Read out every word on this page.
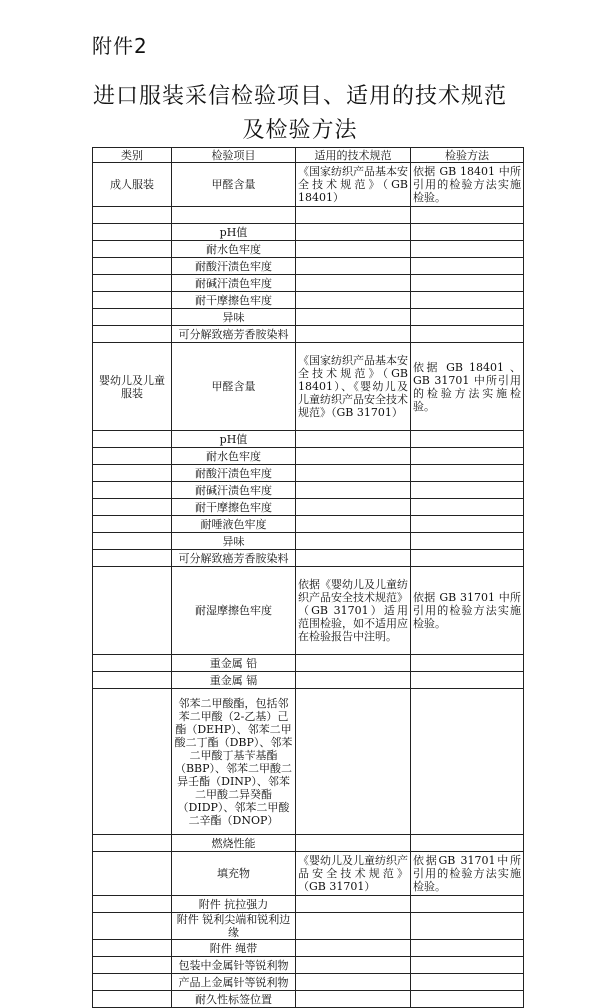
附件2
进口服装采信检验项目、适用的技术规范
及检验方法
类别	检验项目	适用的技术规范	检验方法
成人服装	甲醛含量	《国家纺织产品基本安全技术规范》（GB 18401）	依据 GB 18401 中所引用的检验方法实施检验。

	pH值		
	耐水色牢度		
	耐酸汗渍色牢度		
	耐碱汗渍色牢度		
	耐干摩擦色牢度		
	异味		
	可分解致癌芳香胺染料		
婴幼儿及儿童服装	甲醛含量	《国家纺织产品基本安全技术规范》（GB 18401）、《婴幼儿及儿童纺织产品安全技术规范》（GB 31701）	依据 GB 18401 、GB 31701 中所引用的检验方法实施检验。
	pH值		
	耐水色牢度		
	耐酸汗渍色牢度		
	耐碱汗渍色牢度		
	耐干摩擦色牢度		
	耐唾液色牢度		
	异味		
	可分解致癌芳香胺染料		
	耐湿摩擦色牢度	依据《婴幼儿及儿童纺织产品安全技术规范》（GB 31701）适用范围检验，如不适用应在检验报告中注明。	依据 GB 31701 中所引用的检验方法实施检验。
	重金属 铅		
	重金属 镉		
	邻苯二甲酸酯，包括邻苯二甲酸（2-乙基）己酯（DEHP）、邻苯二甲酸二丁酯（DBP）、邻苯二甲酸丁基苄基酯（BBP）、邻苯二甲酸二异壬酯（DINP）、邻苯二甲酸二异癸酯（DIDP）、邻苯二甲酸二辛酯（DNOP）		
	燃烧性能		
	填充物	《婴幼儿及儿童纺织产品安全技术规范》（GB 31701）	依据GB 31701中所引用的检验方法实施检验。
	附件 抗拉强力		
	附件 锐利尖端和锐利边缘		
	附件 绳带		
	包装中金属针等锐利物		
	产品上金属针等锐利物		
	耐久性标签位置		
